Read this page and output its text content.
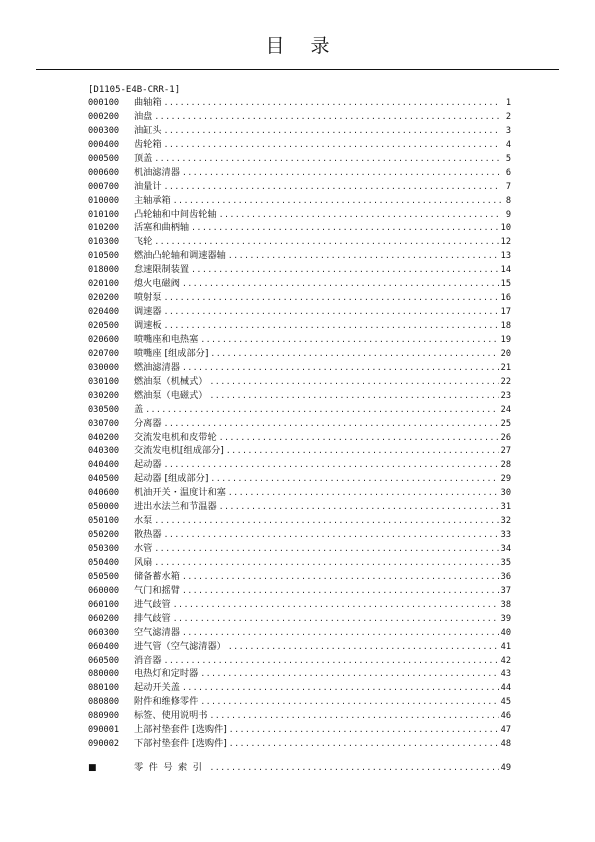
目 录
[D1105-E4B-CRR-1]
000100	曲轴箱 .....	1
000200	油盘 .....	2
000300	油缸头 .....	3
000400	齿轮箱 .....	4
000500	顶盖 .....	5
000600	机油滤清器 .....	6
000700	油量计 .....	7
010000	主轴承箱 .....	8
010100	凸轮轴和中间齿轮轴 .....	9
010200	活塞和曲柄轴 .....	10
010300	飞轮 .....	12
010500	燃油凸轮轴和调速器轴 .....	13
018000	怠速限制装置 .....	14
020100	熄火电磁阀 .....	15
020200	喷射泵 .....	16
020400	调速器 .....	17
020500	调速板 .....	18
020600	喷嘴座和电热塞 .....	19
020700	喷嘴座 [组成部分] .....	20
030000	燃油滤清器 .....	21
030100	燃油泵（机械式） .....	22
030200	燃油泵（电磁式） .....	23
030500	盖 .....	24
030700	分离器 .....	25
040200	交流发电机和皮带轮 .....	26
040300	交流发电机[组成部分] .....	27
040400	起动器 .....	28
040500	起动器 [组成部分] .....	29
040600	机油开关・温度计和塞 .....	30
050000	进出水法兰和节温器 .....	31
050100	水泵 .....	32
050200	散热器 .....	33
050300	水管 .....	34
050400	风扇 .....	35
050500	储备蓄水箱 .....	36
060000	气门和摇臂 .....	37
060100	进气歧管 .....	38
060200	排气歧管 .....	39
060300	空气滤清器 .....	40
060400	进气管（空气滤清器） .....	41
060500	消音器 .....	42
080000	电热灯和定时器 .....	43
080100	起动开关盖 .....	44
080800	附件和维修零件 .....	45
080900	标签、使用说明书 .....	46
090001	上部衬垫套件 [选购件] .....	47
090002	下部衬垫套件 [选购件] .....	48
■	零件号索引 .....	49
